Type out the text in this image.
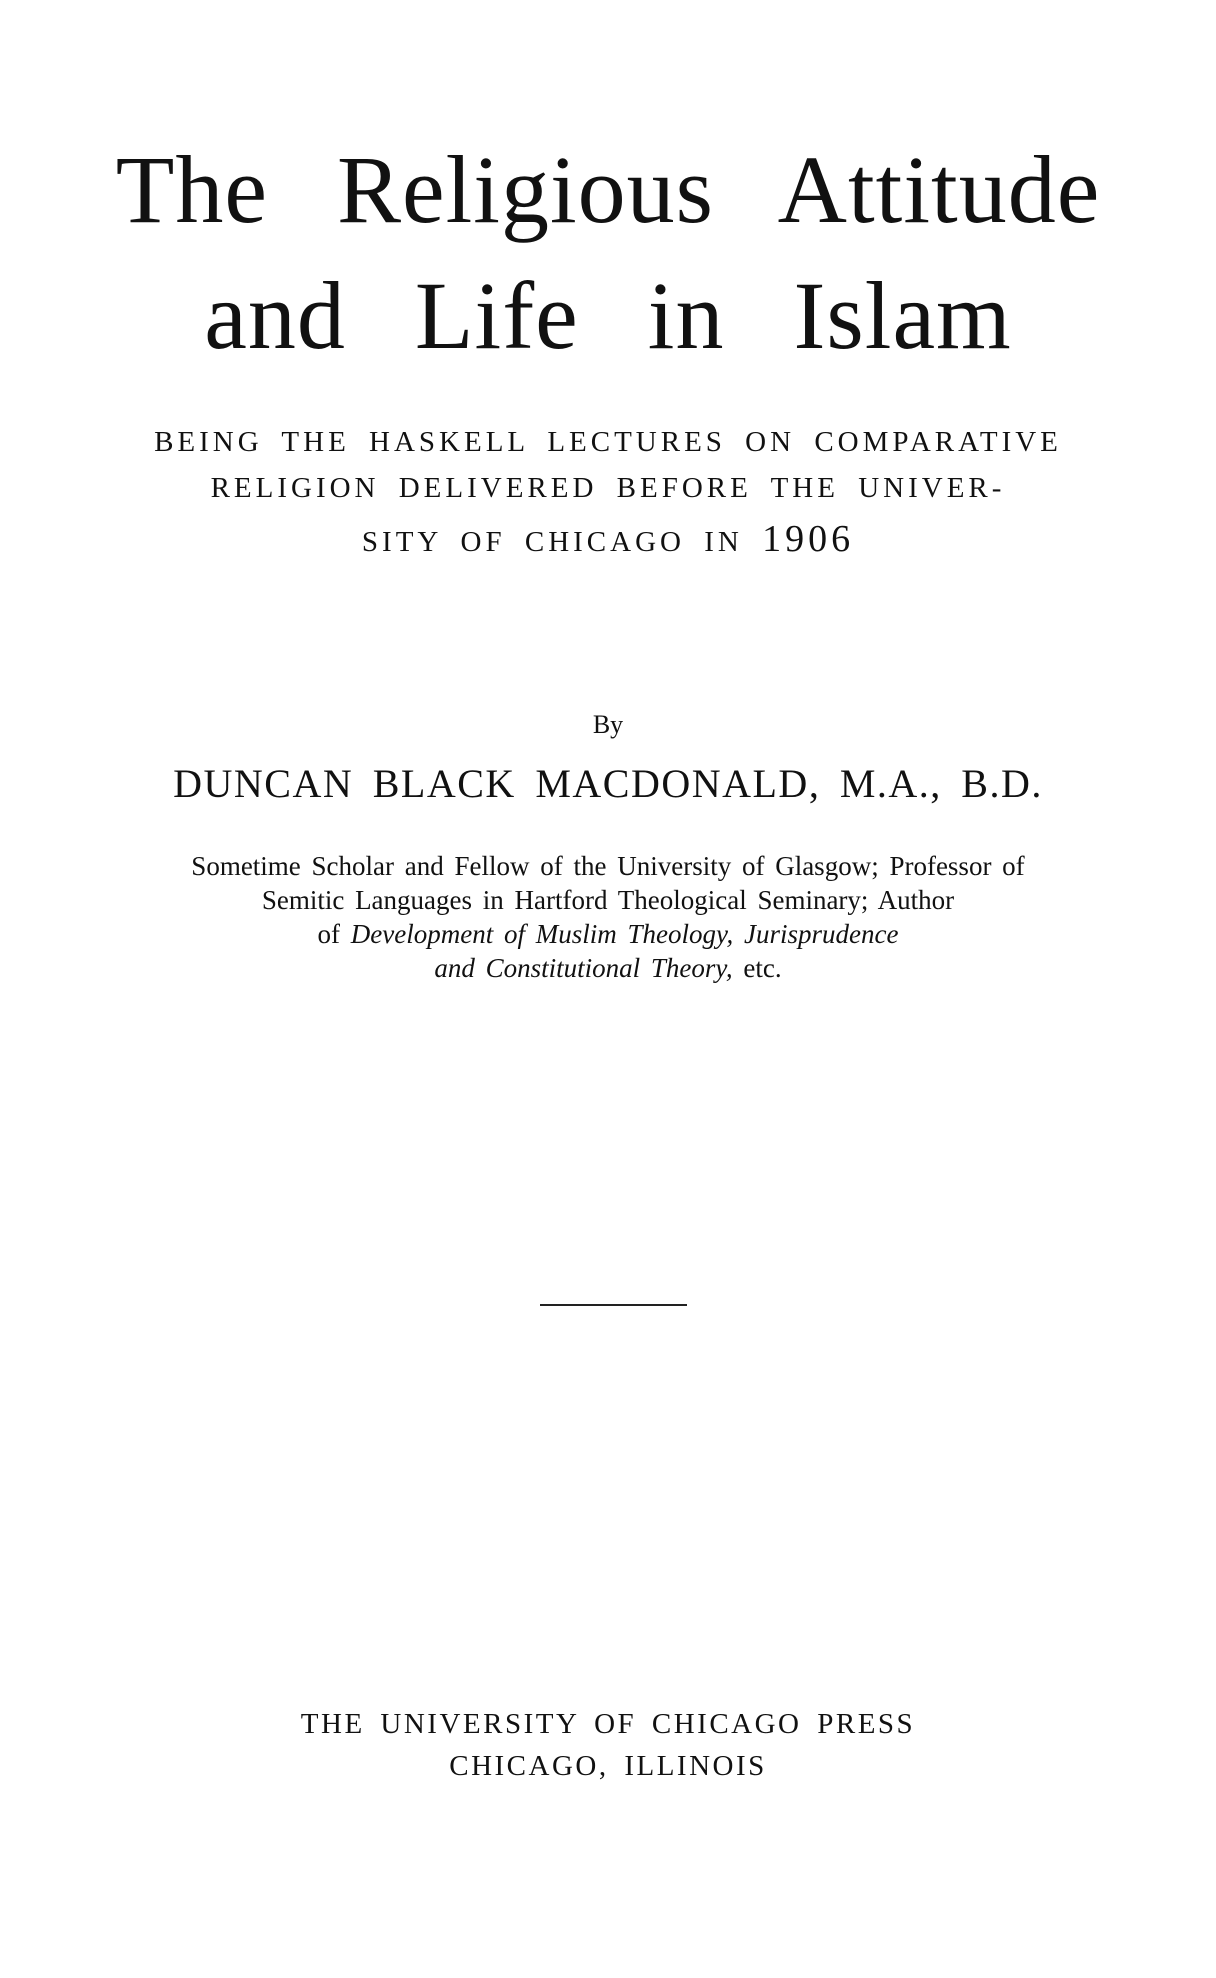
The Religious Attitude
and Life in Islam
BEING THE HASKELL LECTURES ON COMPARATIVE
RELIGION DELIVERED BEFORE THE UNIVER-
SITY OF CHICAGO IN 1906
By
DUNCAN BLACK MACDONALD, M.A., B.D.
Sometime Scholar and Fellow of the University of Glasgow; Professor of
Semitic Languages in Hartford Theological Seminary; Author
of Development of Muslim Theology, Jurisprudence
and Constitutional Theory, etc.
THE UNIVERSITY OF CHICAGO PRESS
CHICAGO, ILLINOIS
